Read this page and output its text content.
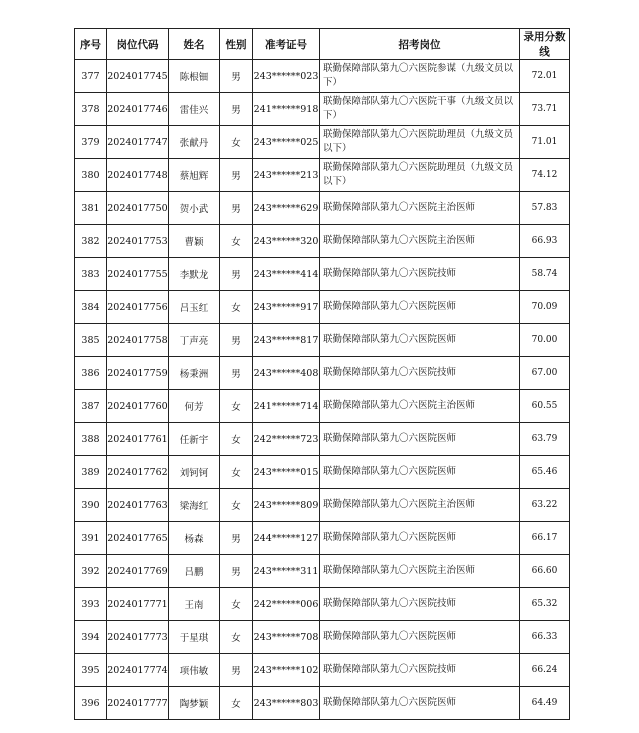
序号	岗位代码	姓名	性别	准考证号	招考岗位	录用分数线
377	2024017745	陈根钿	男	243******023	联勤保障部队第九〇六医院参谋（九级文员以下）	72.01
378	2024017746	雷佳兴	男	241******918	联勤保障部队第九〇六医院干事（九级文员以下）	73.71
379	2024017747	张献丹	女	243******025	联勤保障部队第九〇六医院助理员（九级文员以下）	71.01
380	2024017748	蔡旭辉	男	243******213	联勤保障部队第九〇六医院助理员（九级文员以下）	74.12
381	2024017750	贺小武	男	243******629	联勤保障部队第九〇六医院主治医师	57.83
382	2024017753	曹颖	女	243******320	联勤保障部队第九〇六医院主治医师	66.93
383	2024017755	李默龙	男	243******414	联勤保障部队第九〇六医院技师	58.74
384	2024017756	吕玉红	女	243******917	联勤保障部队第九〇六医院医师	70.09
385	2024017758	丁声亮	男	243******817	联勤保障部队第九〇六医院医师	70.00
386	2024017759	杨秉洲	男	243******408	联勤保障部队第九〇六医院技师	67.00
387	2024017760	何芳	女	241******714	联勤保障部队第九〇六医院主治医师	60.55
388	2024017761	任新宇	女	242******723	联勤保障部队第九〇六医院医师	63.79
389	2024017762	刘钶钶	女	243******015	联勤保障部队第九〇六医院医师	65.46
390	2024017763	梁海红	女	243******809	联勤保障部队第九〇六医院主治医师	63.22
391	2024017765	杨森	男	244******127	联勤保障部队第九〇六医院医师	66.17
392	2024017769	吕鹏	男	243******311	联勤保障部队第九〇六医院主治医师	66.60
393	2024017771	王南	女	242******006	联勤保障部队第九〇六医院技师	65.32
394	2024017773	于星琪	女	243******708	联勤保障部队第九〇六医院医师	66.33
395	2024017774	项伟敏	男	243******102	联勤保障部队第九〇六医院技师	66.24
396	2024017777	陶梦颖	女	243******803	联勤保障部队第九〇六医院医师	64.49
